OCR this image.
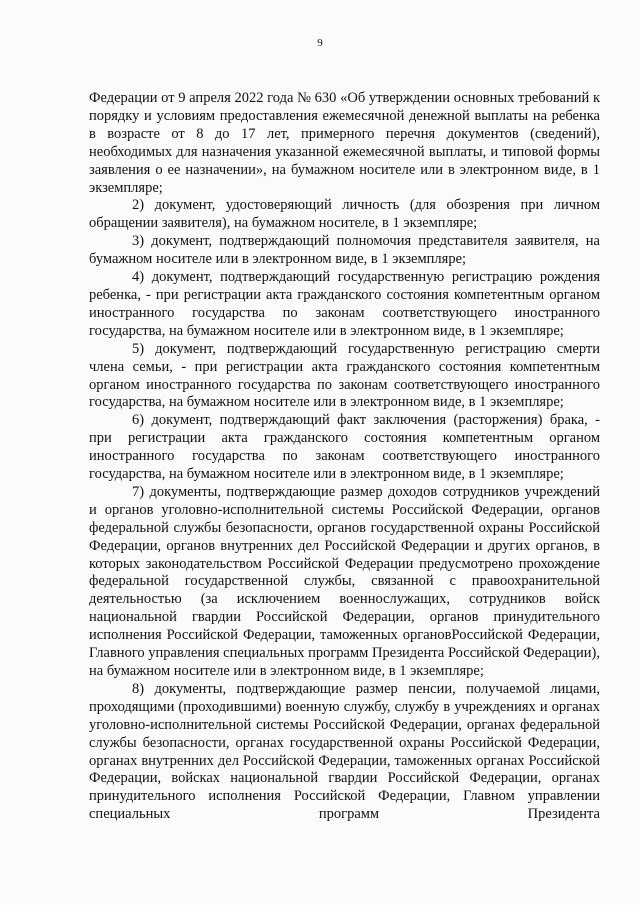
9

Федерации от 9 апреля 2022 года № 630 «Об утверждении основных требований к порядку и условиям предоставления ежемесячной денежной выплаты на ребенка в возрасте от 8 до 17 лет, примерного перечня документов (сведений), необходимых для назначения указанной ежемесячной выплаты, и типовой формы заявления о ее назначении», на бумажном носителе или в электронном виде, в 1 экземпляре;

2) документ, удостоверяющий личность (для обозрения при личном обращении заявителя), на бумажном носителе, в 1 экземпляре;

3) документ, подтверждающий полномочия представителя заявителя, на бумажном носителе или в электронном виде, в 1 экземпляре;

4) документ, подтверждающий государственную регистрацию рождения ребенка, - при регистрации акта гражданского состояния компетентным органом иностранного государства по законам соответствующего иностранного государства, на бумажном носителе или в электронном виде, в 1 экземпляре;

5) документ, подтверждающий государственную регистрацию смерти члена семьи, - при регистрации акта гражданского состояния компетентным органом иностранного государства по законам соответствующего иностранного государства, на бумажном носителе или в электронном виде, в 1 экземпляре;

6) документ, подтверждающий факт заключения (расторжения) брака, - при регистрации акта гражданского состояния компетентным органом иностранного государства по законам соответствующего иностранного государства, на бумажном носителе или в электронном виде, в 1 экземпляре;

7) документы, подтверждающие размер доходов сотрудников учреждений и органов уголовно-исполнительной системы Российской Федерации, органов федеральной службы безопасности, органов государственной охраны Российской Федерации, органов внутренних дел Российской Федерации и других органов, в которых законодательством Российской Федерации предусмотрено прохождение федеральной государственной службы, связанной с правоохранительной деятельностью (за исключением военнослужащих, сотрудников войск национальной гвардии Российской Федерации, органов принудительного исполнения Российской Федерации, таможенных органовРоссийской Федерации, Главного управления специальных программ Президента Российской Федерации), на бумажном носителе или в электронном виде, в 1 экземпляре;

8) документы, подтверждающие размер пенсии, получаемой лицами, проходящими (проходившими) военную службу, службу в учреждениях и органах уголовно-исполнительной системы Российской Федерации, органах федеральной службы безопасности, органах государственной охраны Российской Федерации, органах внутренних дел Российской Федерации, таможенных органах Российской Федерации, войсках национальной гвардии Российской Федерации, органах принудительного исполнения Российской Федерации, Главном управлении специальных программ Президента
